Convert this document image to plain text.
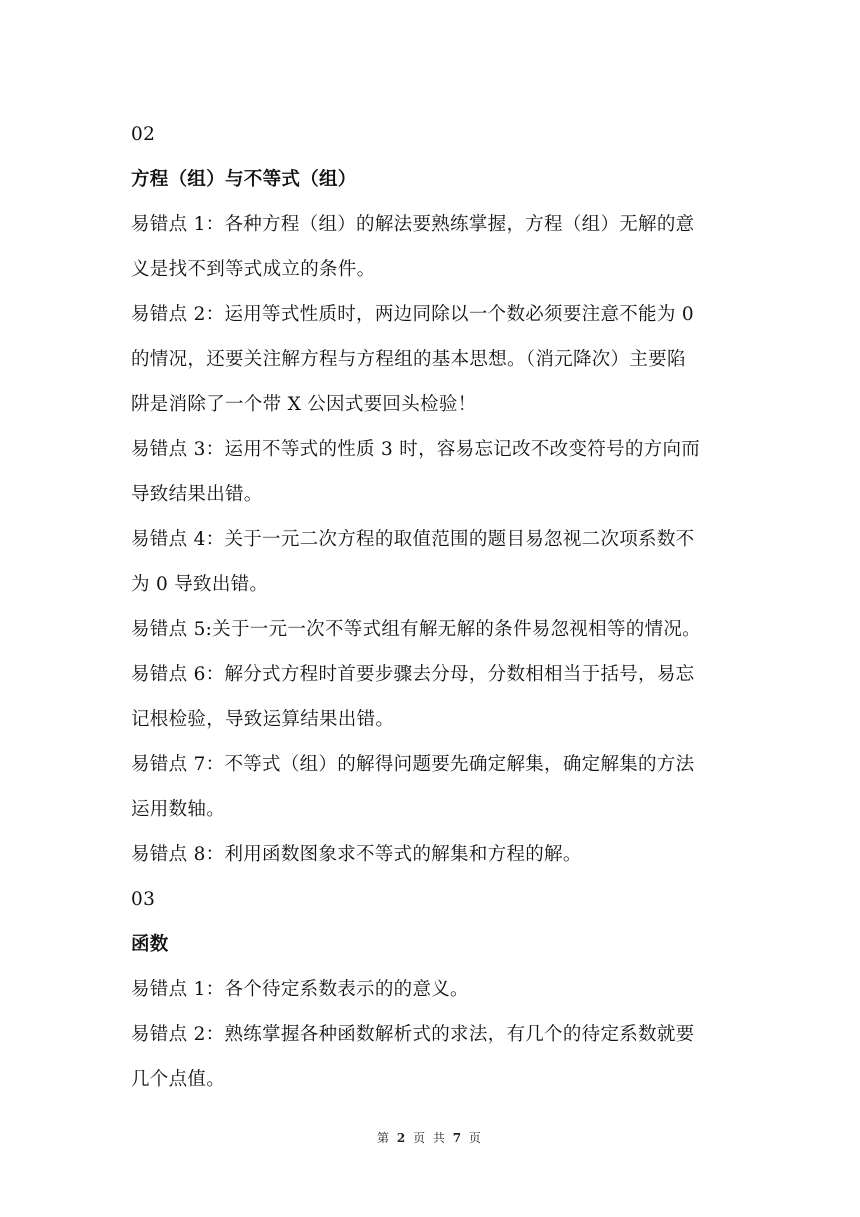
02
方程（组）与不等式（组）
易错点 1：各种方程（组）的解法要熟练掌握，方程（组）无解的意
义是找不到等式成立的条件。
易错点 2：运用等式性质时，两边同除以一个数必须要注意不能为 0
的情况，还要关注解方程与方程组的基本思想。（消元降次）主要陷
阱是消除了一个带 X 公因式要回头检验！
易错点 3：运用不等式的性质 3 时，容易忘记改不改变符号的方向而
导致结果出错。
易错点 4：关于一元二次方程的取值范围的题目易忽视二次项系数不
为 0 导致出错。
易错点 5:关于一元一次不等式组有解无解的条件易忽视相等的情况。
易错点 6：解分式方程时首要步骤去分母，分数相相当于括号，易忘
记根检验，导致运算结果出错。
易错点 7：不等式（组）的解得问题要先确定解集，确定解集的方法
运用数轴。
易错点 8：利用函数图象求不等式的解集和方程的解。
03
函数
易错点 1：各个待定系数表示的的意义。
易错点 2：熟练掌握各种函数解析式的求法，有几个的待定系数就要
几个点值。
第 2 页 共 7 页
